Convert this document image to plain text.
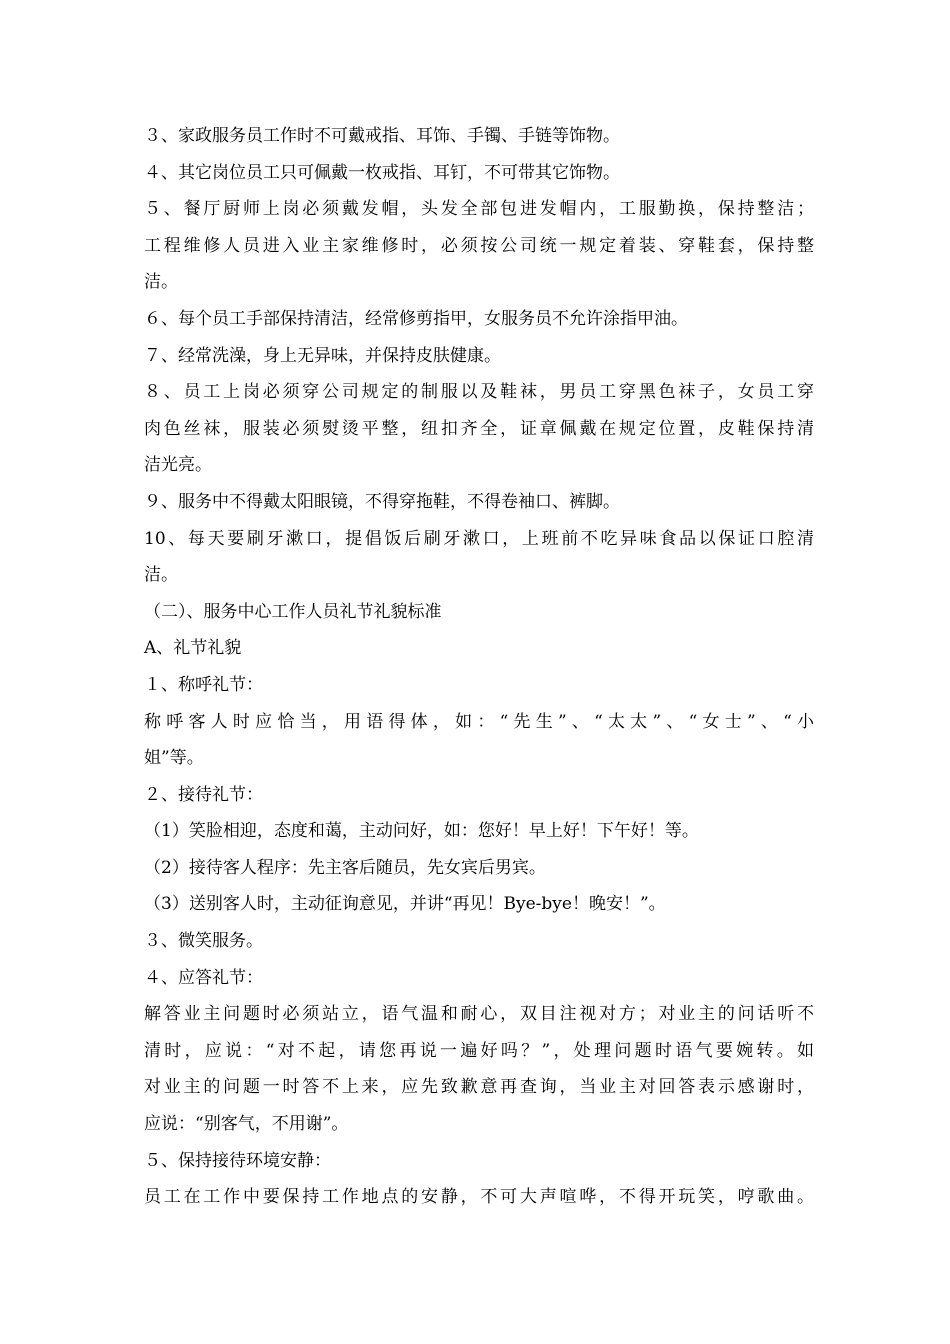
３、家政服务员工作时不可戴戒指、耳饰、手镯、手链等饰物。
４、其它岗位员工只可佩戴一枚戒指、耳钉，不可带其它饰物。
５、餐厅厨师上岗必须戴发帽，头发全部包进发帽内，工服勤换，保持整洁；
工程维修人员进入业主家维修时，必须按公司统一规定着装、穿鞋套，保持整
洁。
６、每个员工手部保持清洁，经常修剪指甲，女服务员不允许涂指甲油。
７、经常洗澡，身上无异味，并保持皮肤健康。
８、员工上岗必须穿公司规定的制服以及鞋袜，男员工穿黑色袜子，女员工穿
肉色丝袜，服装必须熨烫平整，纽扣齐全，证章佩戴在规定位置，皮鞋保持清
洁光亮。
９、服务中不得戴太阳眼镜，不得穿拖鞋，不得卷袖口、裤脚。
10、每天要刷牙漱口，提倡饭后刷牙漱口，上班前不吃异味食品以保证口腔清
洁。
（二）、服务中心工作人员礼节礼貌标准
A、礼节礼貌
１、称呼礼节：
称呼客人时应恰当，用语得体，如：“先生”、“太太”、“女士”、“小
姐”等。
２、接待礼节：
（1）笑脸相迎，态度和蔼，主动问好，如：您好！早上好！下午好！等。
（2）接待客人程序：先主客后随员，先女宾后男宾。
（3）送别客人时，主动征询意见，并讲“再见！Bye-bye！晚安！”。
３、微笑服务。
４、应答礼节：
解答业主问题时必须站立，语气温和耐心，双目注视对方；对业主的问话听不
清时，应说：“对不起，请您再说一遍好吗？”，处理问题时语气要婉转。如
对业主的问题一时答不上来，应先致歉意再查询，当业主对回答表示感谢时，
应说：“别客气，不用谢”。
５、保持接待环境安静：
员工在工作中要保持工作地点的安静，不可大声喧哗，不得开玩笑，哼歌曲。
